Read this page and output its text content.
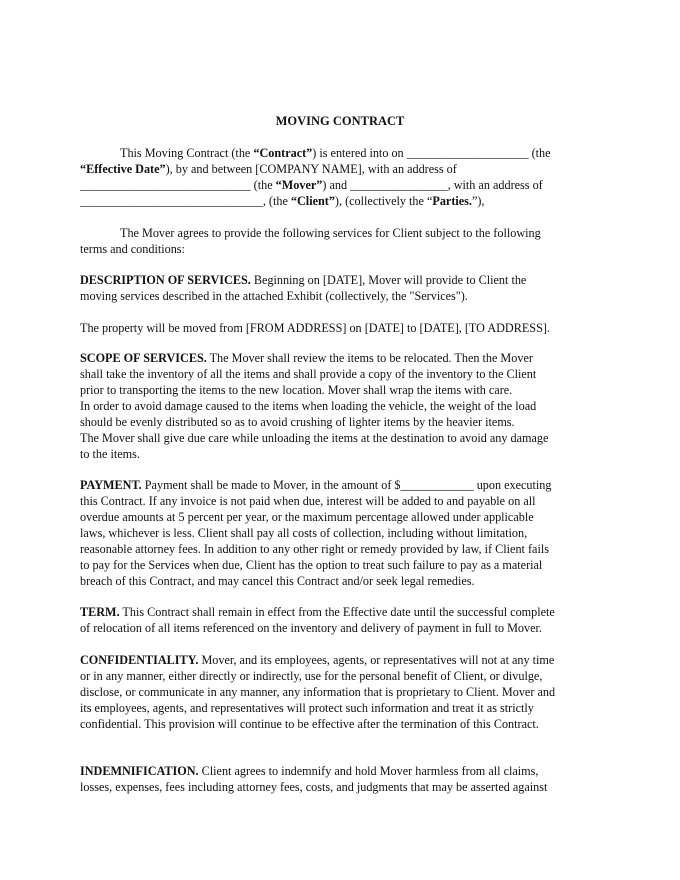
MOVING CONTRACT
This Moving Contract (the “Contract”) is entered into on ____________________ (the
“Effective Date”), by and between [COMPANY NAME], with an address of
____________________________ (the “Mover”) and ________________, with an address of
______________________________, (the “Client”), (collectively the “Parties.”),
The Mover agrees to provide the following services for Client subject to the following
terms and conditions:
DESCRIPTION OF SERVICES. Beginning on [DATE], Mover will provide to Client the
moving services described in the attached Exhibit (collectively, the "Services").
The property will be moved from [FROM ADDRESS] on [DATE] to [DATE], [TO ADDRESS].
SCOPE OF SERVICES. The Mover shall review the items to be relocated. Then the Mover
shall take the inventory of all the items and shall provide a copy of the inventory to the Client
prior to transporting the items to the new location. Mover shall wrap the items with care.
In order to avoid damage caused to the items when loading the vehicle, the weight of the load
should be evenly distributed so as to avoid crushing of lighter items by the heavier items.
The Mover shall give due care while unloading the items at the destination to avoid any damage
to the items.
PAYMENT. Payment shall be made to Mover, in the amount of $____________ upon executing
this Contract. If any invoice is not paid when due, interest will be added to and payable on all
overdue amounts at 5 percent per year, or the maximum percentage allowed under applicable
laws, whichever is less. Client shall pay all costs of collection, including without limitation,
reasonable attorney fees. In addition to any other right or remedy provided by law, if Client fails
to pay for the Services when due, Client has the option to treat such failure to pay as a material
breach of this Contract, and may cancel this Contract and/or seek legal remedies.
TERM. This Contract shall remain in effect from the Effective date until the successful complete
of relocation of all items referenced on the inventory and delivery of payment in full to Mover.
CONFIDENTIALITY. Mover, and its employees, agents, or representatives will not at any time
or in any manner, either directly or indirectly, use for the personal benefit of Client, or divulge,
disclose, or communicate in any manner, any information that is proprietary to Client. Mover and
its employees, agents, and representatives will protect such information and treat it as strictly
confidential. This provision will continue to be effective after the termination of this Contract.
INDEMNIFICATION. Client agrees to indemnify and hold Mover harmless from all claims,
losses, expenses, fees including attorney fees, costs, and judgments that may be asserted against
